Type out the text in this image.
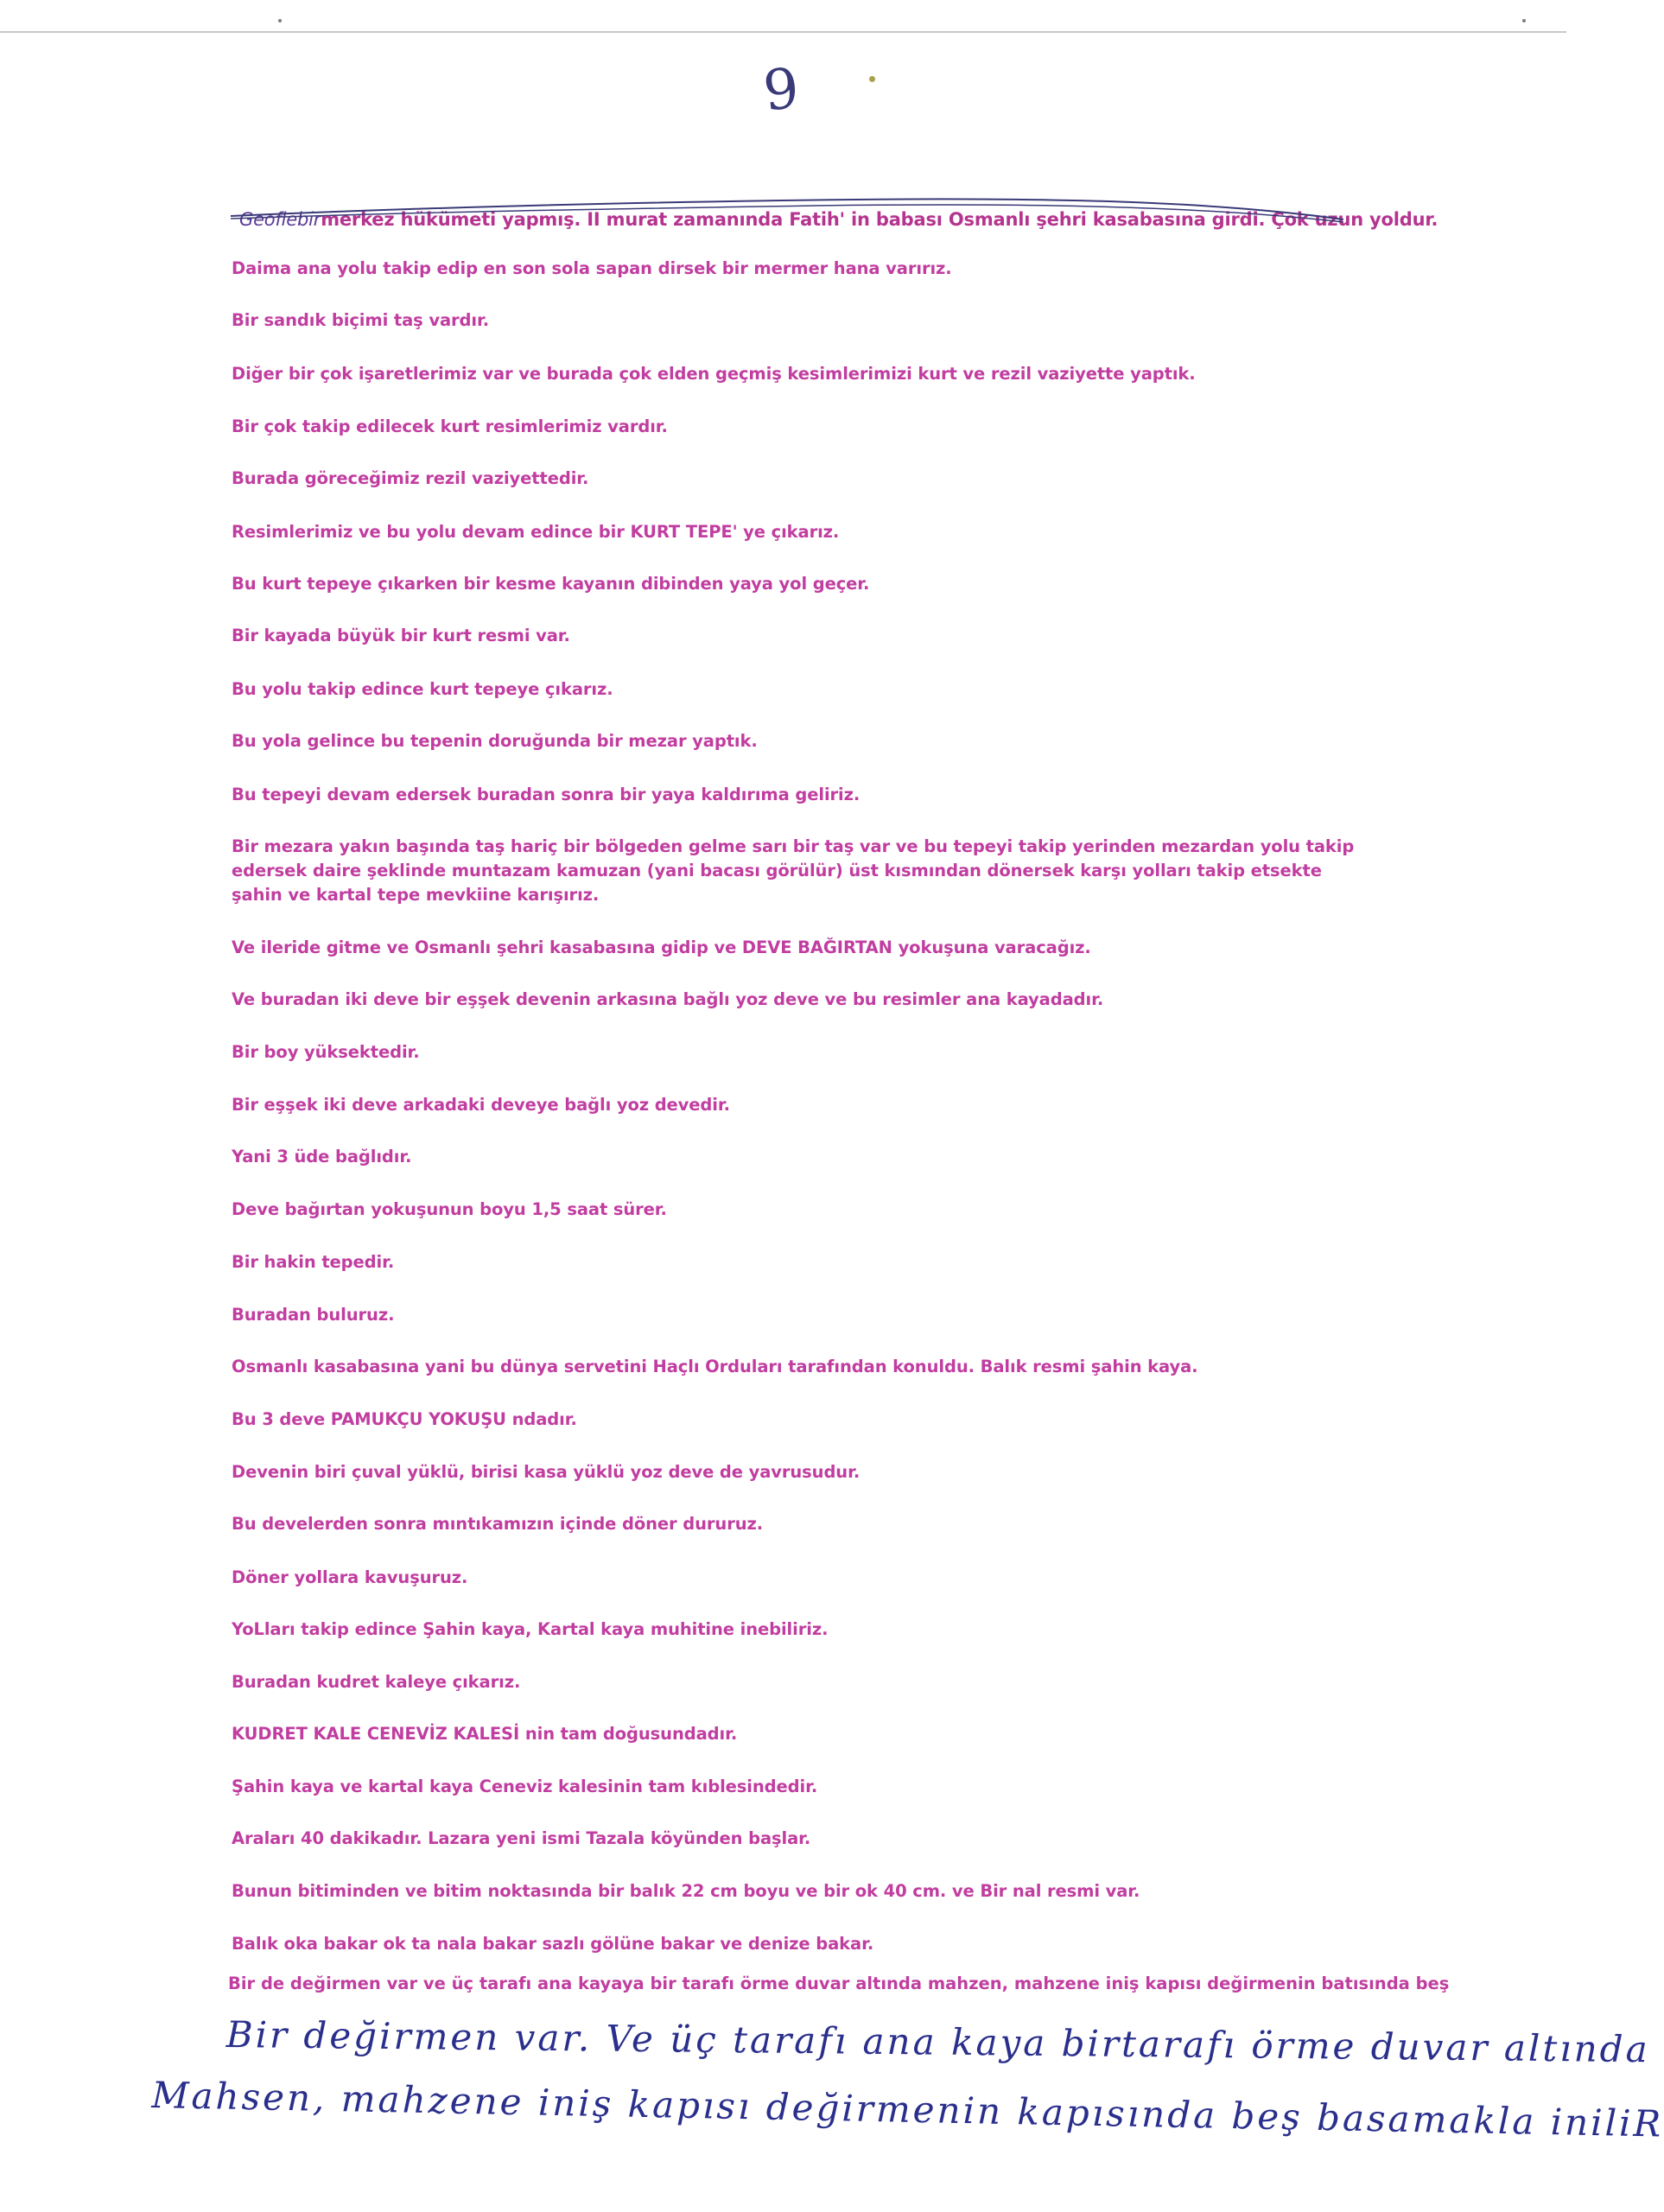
9
Geoflebirmerkez hükümeti yapmış. II murat zamanında Fatih' in babası Osmanlı şehri kasabasına girdi. Çok uzun yoldur.
Daima ana yolu takip edip en son sola sapan dirsek bir mermer hana varırız.
Bir sandık biçimi taş vardır.
Diğer bir çok işaretlerimiz var ve burada çok elden geçmiş kesimlerimizi kurt ve rezil vaziyette yaptık.
Bir çok takip edilecek kurt resimlerimiz vardır.
Burada göreceğimiz rezil vaziyettedir.
Resimlerimiz ve bu yolu devam edince bir KURT TEPE' ye çıkarız.
Bu kurt tepeye çıkarken bir kesme kayanın dibinden yaya yol geçer.
Bir kayada büyük bir kurt resmi var.
Bu yolu takip edince kurt tepeye çıkarız.
Bu yola gelince bu tepenin doruğunda bir mezar yaptık.
Bu tepeyi devam edersek buradan sonra bir yaya kaldırıma geliriz.
Bir mezara yakın başında taş hariç bir bölgeden gelme sarı bir taş var ve bu tepeyi takip yerinden mezardan yolu takip edersek daire şeklinde muntazam kamuzan (yani bacası görülür) üst kısmından dönersek karşı yolları takip etsekte şahin ve kartal tepe mevkiine karışırız.
Ve ileride gitme ve Osmanlı şehri kasabasına gidip ve DEVE BAĞIRTAN yokuşuna varacağız.
Ve buradan iki deve bir eşşek devenin arkasına bağlı yoz deve ve bu resimler ana kayadadır.
Bir boy yüksektedir.
Bir eşşek iki deve arkadaki deveye bağlı yoz devedir.
Yani 3 üde bağlıdır.
Deve bağırtan yokuşunun boyu 1,5 saat sürer.
Bir hakin tepedir.
Buradan buluruz.
Osmanlı kasabasına yani bu dünya servetini Haçlı Orduları tarafından konuldu. Balık resmi şahin kaya.
Bu 3 deve PAMUKÇU YOKUŞU ndadır.
Devenin biri çuval yüklü, birisi kasa yüklü yoz deve de yavrusudur.
Bu develerden sonra mıntıkamızın içinde döner dururuz.
Döner yollara kavuşuruz.
YoLları takip edince Şahin kaya, Kartal kaya muhitine inebiliriz.
Buradan kudret kaleye çıkarız.
KUDRET KALE CENEVİZ KALESİ nin tam doğusundadır.
Şahin kaya ve kartal kaya Ceneviz kalesinin tam kıblesindedir.
Araları 40 dakikadır. Lazara yeni ismi Tazala köyünden başlar.
Bunun bitiminden ve bitim noktasında bir balık 22 cm boyu ve bir ok 40 cm. ve Bir nal resmi var.
Balık oka bakar ok ta nala bakar sazlı gölüne bakar ve denize bakar.
Bir de değirmen var ve üç tarafı ana kayaya bir tarafı örme duvar altında mahzen, mahzene iniş kapısı değirmenin batısında beş
Bir değirmen var. Ve üç tarafı ana kaya birtarafı örme duvar altında
Mahsen, mahzene iniş kapısı değirmenin kapısında beş basamakla iniliR
